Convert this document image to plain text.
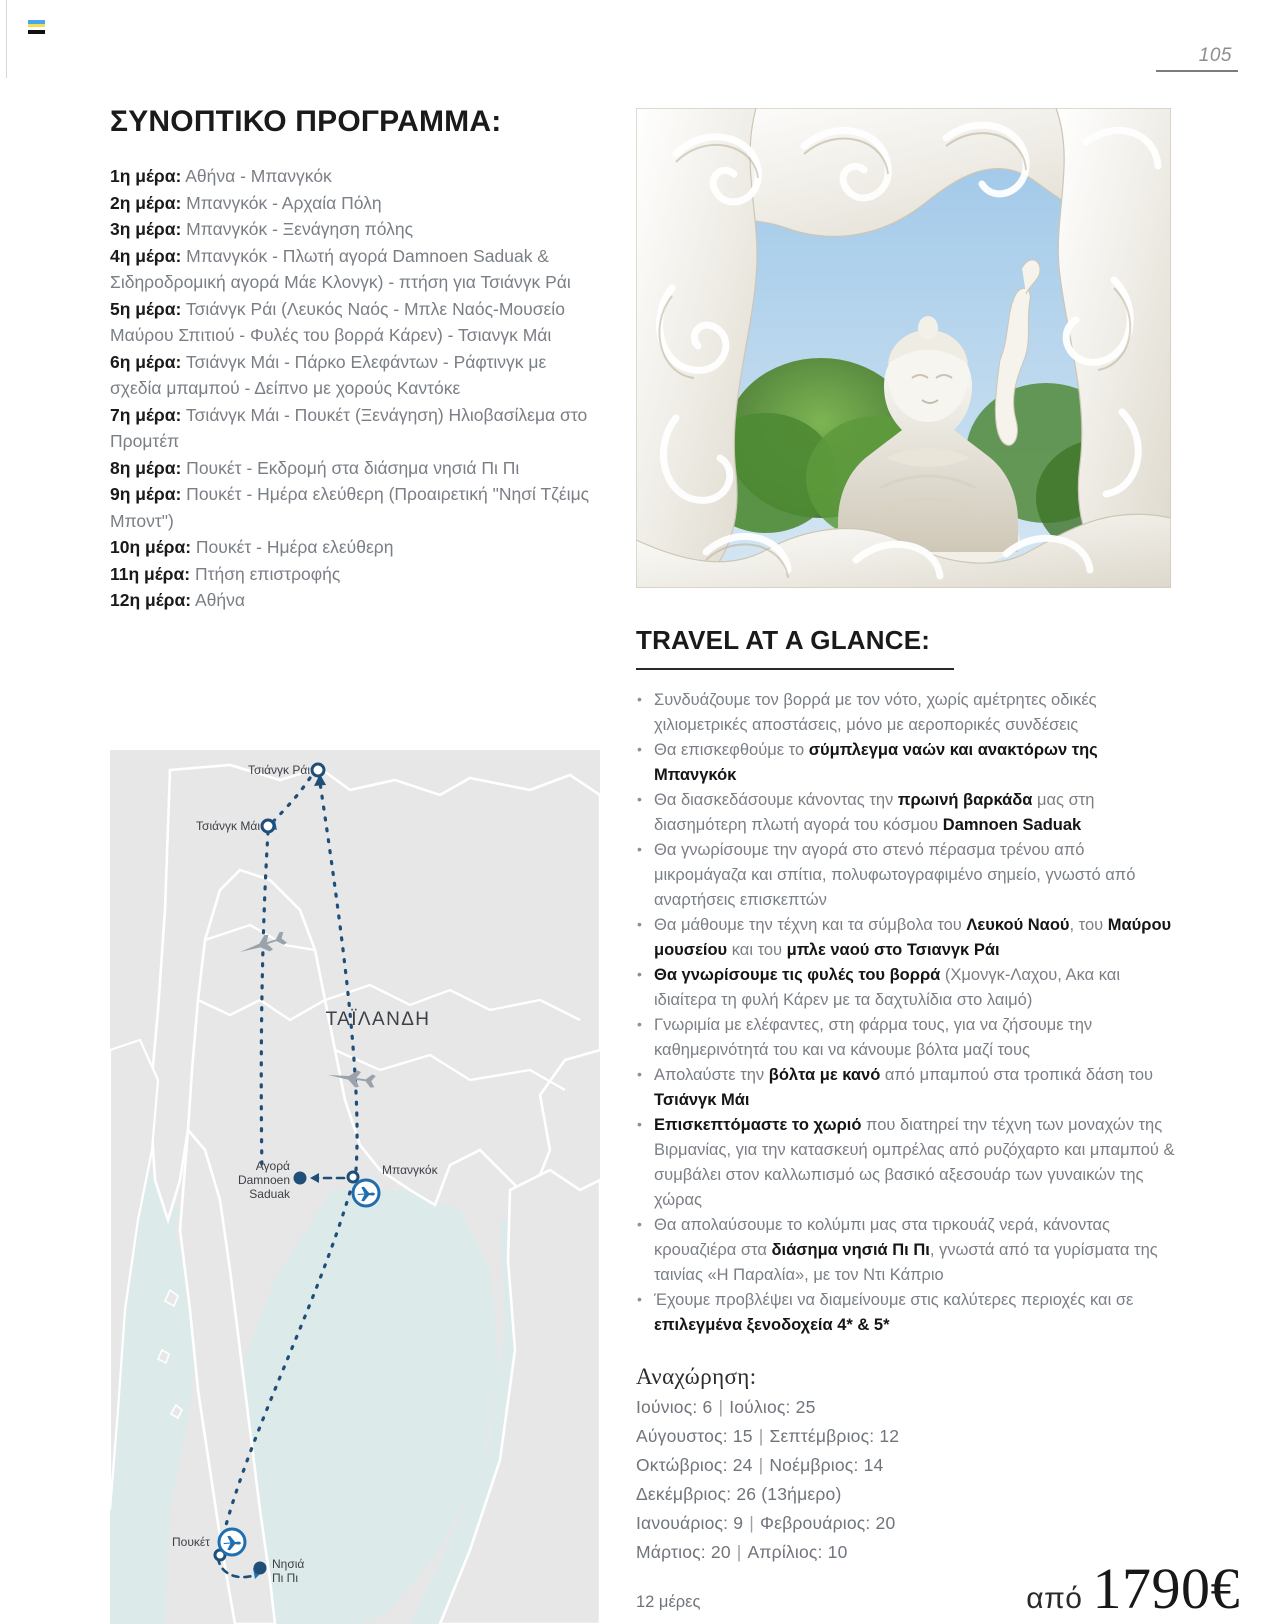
105
ΣΥΝΟΠΤΙΚΟ ΠΡΟΓΡΑΜΜΑ:
1η μέρα: Αθήνα - Μπανγκόκ
2η μέρα: Μπανγκόκ - Αρχαία Πόλη
3η μέρα: Μπανγκόκ - Ξενάγηση πόλης
4η μέρα: Μπανγκόκ - Πλωτή αγορά Damnoen Saduak & Σιδηροδρομική αγορά Μάε Κλονγκ) - πτήση για Τσιάνγκ Ράι
5η μέρα: Τσιάνγκ Ράι (Λευκός Ναός - Μπλε Ναός-Μουσείο Μαύρου Σπιτιού - Φυλές του βορρά Κάρεν) - Τσιανγκ Μάι
6η μέρα: Τσιάνγκ Μάι - Πάρκο Ελεφάντων - Ράφτινγκ με σχεδία μπαμπού - Δείπνο με χορούς Καντόκε
7η μέρα: Τσιάνγκ Μάι - Πουκέτ (Ξενάγηση) Ηλιοβασίλεμα στο Προμτέπ
8η μέρα: Πουκέτ - Εκδρομή στα διάσημα νησιά Πι Πι
9η μέρα: Πουκέτ - Ημέρα ελεύθερη (Προαιρετική "Νησί Τζέιμς Μποντ")
10η μέρα: Πουκέτ - Ημέρα ελεύθερη
11η μέρα: Πτήση επιστροφής
12η μέρα: Αθήνα
Τσιάνγκ Ράι
Τσιάνγκ Μάι
Μπανγκόκ
Αγορά
Damnoen
Saduak
Πουκέτ
Νησιά
Πι Πι
ΤΑΪΛΑΝΔΗ
TRAVEL AT A GLANCE:
• Συνδυάζουμε τον βορρά με τον νότο, χωρίς αμέτρητες οδικές χιλιομετρικές αποστάσεις, μόνο με αεροπορικές συνδέσεις
• Θα επισκεφθούμε το σύμπλεγμα ναών και ανακτόρων της Μπανγκόκ
• Θα διασκεδάσουμε κάνοντας την πρωινή βαρκάδα μας στη διασημότερη πλωτή αγορά του κόσμου Damnoen Saduak
• Θα γνωρίσουμε την αγορά στο στενό πέρασμα τρένου από μικρομάγαζα και σπίτια, πολυφωτογραφιμένο σημείο, γνωστό από αναρτήσεις επισκεπτών
• Θα μάθουμε την τέχνη και τα σύμβολα του Λευκού Ναού, του Μαύρου μουσείου και του μπλε ναού στο Τσιανγκ Ράι
• Θα γνωρίσουμε τις φυλές του βορρά (Χμονγκ-Λαχου, Ακα και ιδιαίτερα τη φυλή Κάρεν με τα δαχτυλίδια στο λαιμό)
• Γνωριμία με ελέφαντες, στη φάρμα τους, για να ζήσουμε την καθημερινότητά του και να κάνουμε βόλτα μαζί τους
• Απολαύστε την βόλτα με κανό από μπαμπού στα τροπικά δάση του Τσιάνγκ Μάι
• Επισκεπτόμαστε το χωριό που διατηρεί την τέχνη των μοναχών της Βιρμανίας, για την κατασκευή ομπρέλας από ρυζόχαρτο και μπαμπού & συμβάλει στον καλλωπισμό ως βασικό αξεσουάρ των γυναικών της χώρας
• Θα απολαύσουμε το κολύμπι μας στα τιρκουάζ νερά, κάνοντας κρουαζιέρα στα διάσημα νησιά Πι Πι, γνωστά από τα γυρίσματα της ταινίας «Η Παραλία», με τον Ντι Κάπριο
• Έχουμε προβλέψει να διαμείνουμε στις καλύτερες περιοχές και σε επιλεγμένα ξενοδοχεία 4* & 5*
Αναχώρηση:
Ιούνιος: 6 | Ιούλιος: 25
Αύγουστος: 15 | Σεπτέμβριος: 12
Οκτώβριος: 24 | Νοέμβριος: 14
Δεκέμβριος: 26 (13ήμερο)
Ιανουάριος: 9 | Φεβρουάριος: 20
Μάρτιος: 20 | Απρίλιος: 10
12 μέρες	από 1790€
